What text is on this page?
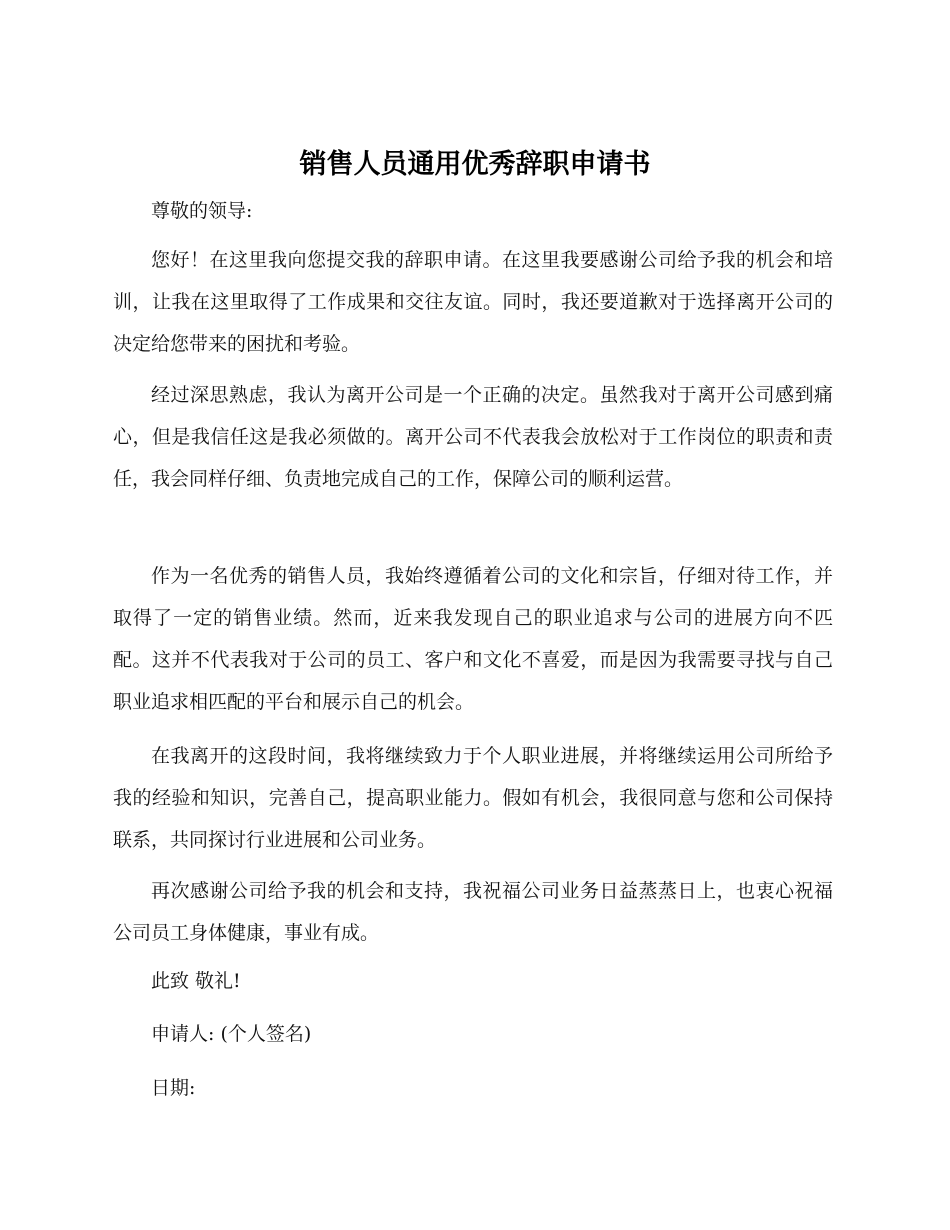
销售人员通用优秀辞职申请书

尊敬的领导:

您好！在这里我向您提交我的辞职申请。在这里我要感谢公司给予我的机会和培训，让我在这里取得了工作成果和交往友谊。同时，我还要道歉对于选择离开公司的决定给您带来的困扰和考验。

经过深思熟虑，我认为离开公司是一个正确的决定。虽然我对于离开公司感到痛心，但是我信任这是我必须做的。离开公司不代表我会放松对于工作岗位的职责和责任，我会同样仔细、负责地完成自己的工作，保障公司的顺利运营。

作为一名优秀的销售人员，我始终遵循着公司的文化和宗旨，仔细对待工作，并取得了一定的销售业绩。然而，近来我发现自己的职业追求与公司的进展方向不匹配。这并不代表我对于公司的员工、客户和文化不喜爱，而是因为我需要寻找与自己职业追求相匹配的平台和展示自己的机会。

在我离开的这段时间，我将继续致力于个人职业进展，并将继续运用公司所给予我的经验和知识，完善自己，提高职业能力。假如有机会，我很同意与您和公司保持联系，共同探讨行业进展和公司业务。

再次感谢公司给予我的机会和支持，我祝福公司业务日益蒸蒸日上，也衷心祝福公司员工身体健康，事业有成。

此致 敬礼!

申请人: (个人签名)

日期:
